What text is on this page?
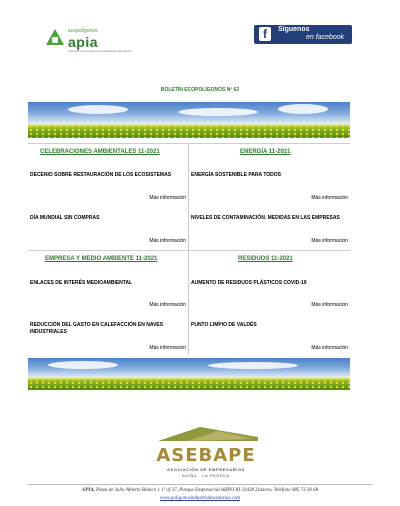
ecopolígonos
apia
Asociación de polígonos industriales asturianos
f	Síguenos
en facebook
BOLETÍN ECOPOLÍGONOS Nº 62
CELEBRACIONES AMBIENTALES 11-2021
DECENIO SOBRE RESTAURACIÓN DE LOS ECOSISTEMAS
Más información
DÍA MUNDIAL SIN COMPRAS
Más información
ENERGÍA 11-2021
ENERGÍA SOSTENIBLE PARA TODOS
Más información
NIVELES DE CONTAMINACIÓN. MEDIDAS EN LAS EMPRESAS
Más información
EMPRESA Y MEDIO AMBIENTE 11-2021
ENLACES DE INTERÉS MEDIOAMBIENTAL
Más información
REDUCCIÓN DEL GASTO EN CALEFACCIÓN EN NAVES INDUSTRIALES
Más información
RESIDUOS 11-2021
AUMENTO DE RESIDUOS PLÁSTICOS COVID-19
Más información
PUNTO LIMPIO DE VALDÉS
Más información
ASEBAPE
ASOCIACIÓN DE EMPRESARIOS
BAIÑA · LA PEREDA
APIA, Plaza de Julio Alberto Blanco 1 1º of 37, Parque Empresarial AIIPO III 33428 Llanera. Teléfono 985 73 20 68
www.poligonosindustrialesasturias.com
